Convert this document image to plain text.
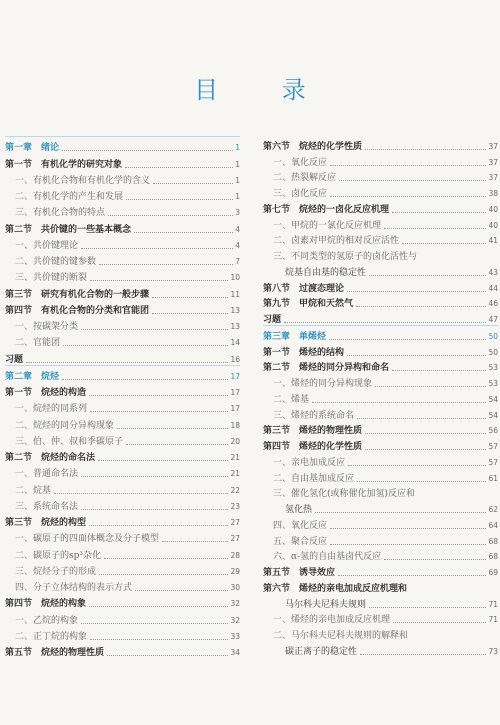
目 录
第一章　绪论	1
第一节　有机化学的研究对象	1
一、有机化合物和有机化学的含义	1
二、有机化学的产生和发展	1
三、有机化合物的特点	3
第二节　共价键的一些基本概念	4
一、共价键理论	4
二、共价键的键参数	7
三、共价键的断裂	10
第三节　研究有机化合物的一般步骤	11
第四节　有机化合物的分类和官能团	13
一、按碳架分类	13
二、官能团	14
习题	16
第二章　烷烃	17
第一节　烷烃的构造	17
一、烷烃的同系列	17
二、烷烃的同分异构现象	18
三、伯、仲、叔和季碳原子	20
第二节　烷烃的命名法	21
一、普通命名法	21
二、烷基	22
三、系统命名法	23
第三节　烷烃的构型	27
一、碳原子的四面体概念及分子模型	27
二、碳原子的sp³杂化	28
三、烷烃分子的形成	29
四、分子立体结构的表示方式	30
第四节　烷烃的构象	32
一、乙烷的构象	32
二、正丁烷的构象	33
第五节　烷烃的物理性质	34
第六节　烷烃的化学性质	37
一、氧化反应	37
二、热裂解反应	37
三、卤化反应	38
第七节　烷烃的一卤化反应机理	40
一、甲烷的一氯化反应机理	40
二、卤素对甲烷的相对反应活性	41
三、不同类型的氢原子的卤化活性与
烷基自由基的稳定性	43
第八节　过渡态理论	44
第九节　甲烷和天然气	46
习题	47
第三章　单烯烃	50
第一节　烯烃的结构	50
第二节　烯烃的同分异构和命名	53
一、烯烃的同分异构现象	53
二、烯基	54
三、烯烃的系统命名	54
第三节　烯烃的物理性质	56
第四节　烯烃的化学性质	57
一、亲电加成反应	57
二、自由基加成反应	61
三、催化氢化(或称催化加氢)反应和
氢化热	62
四、氧化反应	64
五、聚合反应	68
六、α-氢的自由基卤代反应	68
第五节　诱导效应	69
第六节　烯烃的亲电加成反应机理和
马尔科夫尼科夫规则	71
一、烯烃的亲电加成反应机理	71
二、马尔科夫尼科夫规则的解释和
碳正离子的稳定性	73
